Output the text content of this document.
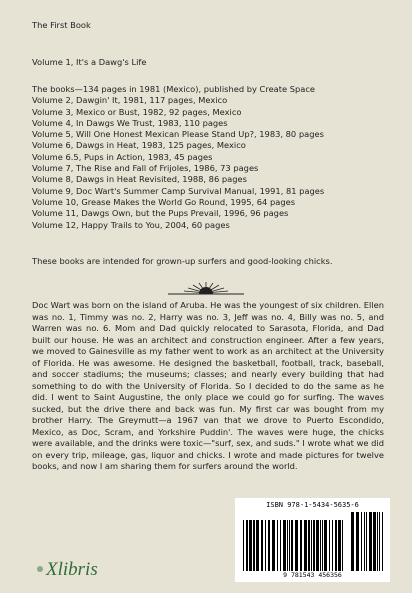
The First Book
Volume 1, It's a Dawg's Life
The books—134 pages in 1981 (Mexico), published by Create Space
Volume 2, Dawgin' It, 1981, 117 pages, Mexico
Volume 3, Mexico or Bust, 1982, 92 pages, Mexico
Volume 4, In Dawgs We Trust, 1983, 110 pages
Volume 5, Will One Honest Mexican Please Stand Up?, 1983, 80 pages
Volume 6, Dawgs in Heat, 1983, 125 pages, Mexico
Volume 6.5, Pups in Action, 1983, 45 pages
Volume 7, The Rise and Fall of Frijoles, 1986, 73 pages
Volume 8, Dawgs in Heat Revisited, 1988, 86 pages
Volume 9, Doc Wart's Summer Camp Survival Manual, 1991, 81 pages
Volume 10, Grease Makes the World Go Round, 1995, 64 pages
Volume 11, Dawgs Own, but the Pups Prevail, 1996, 96 pages
Volume 12, Happy Trails to You, 2004, 60 pages
These books are intended for grown-up surfers and good-looking chicks.
Doc Wart was born on the island of Aruba. He was the youngest of six children. Ellen was no. 1, Timmy was no. 2, Harry was no. 3, Jeff was no. 4, Billy was no. 5, and Warren was no. 6. Mom and Dad quickly relocated to Sarasota, Florida, and Dad built our house. He was an architect and construction engineer. After a few years, we moved to Gainesville as my father went to work as an architect at the University of Florida. He was awesome. He designed the basketball, football, track, baseball, and soccer stadiums; the museums; classes; and nearly every building that had something to do with the University of Florida. So I decided to do the same as he did. I went to Saint Augustine, the only place we could go for surfing. The waves sucked, but the drive there and back was fun. My first car was bought from my brother Harry. The Greymutt—a 1967 van that we drove to Puerto Escondido, Mexico, as Doc, Scram, and Yorkshire Puddin'. The waves were huge, the chicks were available, and the drinks were toxic—"surf, sex, and suds." I wrote what we did on every trip, mileage, gas, liquor and chicks. I wrote and made pictures for twelve books, and now I am sharing them for surfers around the world.
ISBN 978-1-5434-5635-6
9 781543 456356
Xlibris
